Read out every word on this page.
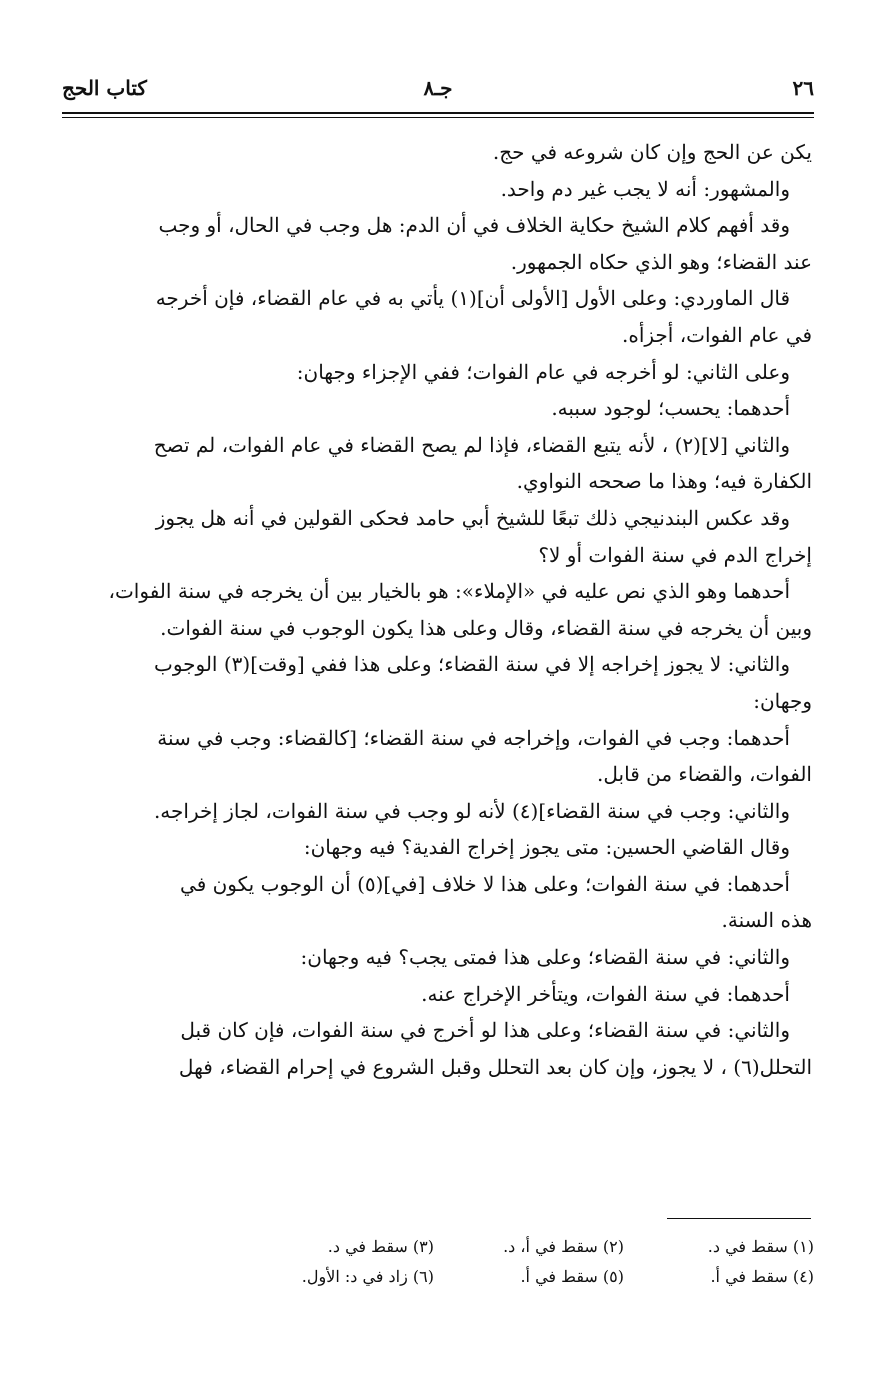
٢٦
جـ٨
كتاب الحج
يكن عن الحج وإن كان شروعه في حج.
والمشهور: أنه لا يجب غير دم واحد.
وقد أفهم كلام الشيخ حكاية الخلاف في أن الدم: هل وجب في الحال، أو وجب
عند القضاء؛ وهو الذي حكاه الجمهور.
قال الماوردي: وعلى الأول [الأولى أن](١) يأتي به في عام القضاء، فإن أخرجه
في عام الفوات، أجزأه.
وعلى الثاني: لو أخرجه في عام الفوات؛ ففي الإجزاء وجهان:
أحدهما: يحسب؛ لوجود سببه.
والثاني [لا](٢) ، لأنه يتبع القضاء، فإذا لم يصح القضاء في عام الفوات، لم تصح
الكفارة فيه؛ وهذا ما صححه النواوي.
وقد عكس البندنيجي ذلك تبعًا للشيخ أبي حامد فحكى القولين في أنه هل يجوز
إخراج الدم في سنة الفوات أو لا؟
أحدهما وهو الذي نص عليه في «الإملاء»: هو بالخيار بين أن يخرجه في سنة الفوات،
وبين أن يخرجه في سنة القضاء، وقال وعلى هذا يكون الوجوب في سنة الفوات.
والثاني: لا يجوز إخراجه إلا في سنة القضاء؛ وعلى هذا ففي [وقت](٣) الوجوب
وجهان:
أحدهما: وجب في الفوات، وإخراجه في سنة القضاء؛ [كالقضاء: وجب في سنة
الفوات، والقضاء من قابل.
والثاني: وجب في سنة القضاء](٤) لأنه لو وجب في سنة الفوات، لجاز إخراجه.
وقال القاضي الحسين: متى يجوز إخراج الفدية؟ فيه وجهان:
أحدهما: في سنة الفوات؛ وعلى هذا لا خلاف [في](٥) أن الوجوب يكون في
هذه السنة.
والثاني: في سنة القضاء؛ وعلى هذا فمتى يجب؟ فيه وجهان:
أحدهما: في سنة الفوات، ويتأخر الإخراج عنه.
والثاني: في سنة القضاء؛ وعلى هذا لو أخرج في سنة الفوات، فإن كان قبل
التحلل(٦) ، لا يجوز، وإن كان بعد التحلل وقبل الشروع في إحرام القضاء، فهل
(١) سقط في د.
(٢) سقط في أ، د.
(٣) سقط في د.
(٤) سقط في أ.
(٥) سقط في أ.
(٦) زاد في د: الأول.
